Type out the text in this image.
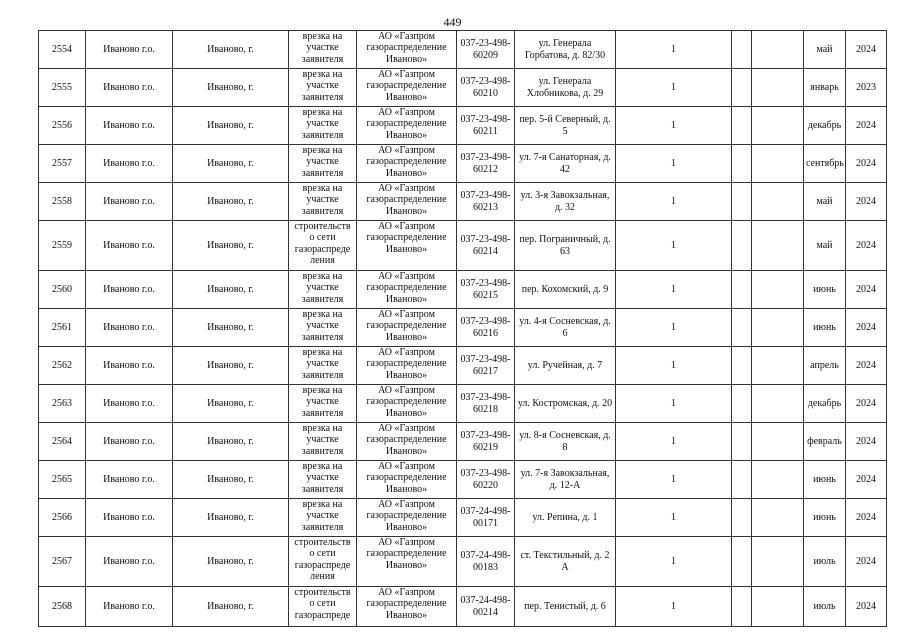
449
2554	Иваново г.о.	Иваново, г.	врезка на участке заявителя	АО «Газпром газораспределение Иваново»	037-23-498-60209	ул. Генерала Горбатова, д. 82/30	1			май	2024
2555	Иваново г.о.	Иваново, г.	врезка на участке заявителя	АО «Газпром газораспределение Иваново»	037-23-498-60210	ул. Генерала Хлобникова, д. 29	1			январь	2023
2556	Иваново г.о.	Иваново, г.	врезка на участке заявителя	АО «Газпром газораспределение Иваново»	037-23-498-60211	пер. 5-й Северный, д. 5	1			декабрь	2024
2557	Иваново г.о.	Иваново, г.	врезка на участке заявителя	АО «Газпром газораспределение Иваново»	037-23-498-60212	ул. 7-я Санаторная, д. 42	1			сентябрь	2024
2558	Иваново г.о.	Иваново, г.	врезка на участке заявителя	АО «Газпром газораспределение Иваново»	037-23-498-60213	ул. 3-я Завокзальная, д. 32	1			май	2024
2559	Иваново г.о.	Иваново, г.	строительств о сети газораспреде ления	АО «Газпром газораспределение Иваново»	037-23-498-60214	пер. Пограничный, д. 63	1			май	2024
2560	Иваново г.о.	Иваново, г.	врезка на участке заявителя	АО «Газпром газораспределение Иваново»	037-23-498-60215	пер. Кохомский, д. 9	1			июнь	2024
2561	Иваново г.о.	Иваново, г.	врезка на участке заявителя	АО «Газпром газораспределение Иваново»	037-23-498-60216	ул. 4-я Сосневская, д. 6	1			июнь	2024
2562	Иваново г.о.	Иваново, г.	врезка на участке заявителя	АО «Газпром газораспределение Иваново»	037-23-498-60217	ул. Ручейная, д. 7	1			апрель	2024
2563	Иваново г.о.	Иваново, г.	врезка на участке заявителя	АО «Газпром газораспределение Иваново»	037-23-498-60218	ул. Костромская, д. 20	1			декабрь	2024
2564	Иваново г.о.	Иваново, г.	врезка на участке заявителя	АО «Газпром газораспределение Иваново»	037-23-498-60219	ул. 8-я Сосневская, д. 8	1			февраль	2024
2565	Иваново г.о.	Иваново, г.	врезка на участке заявителя	АО «Газпром газораспределение Иваново»	037-23-498-60220	ул. 7-я Завокзальная, д. 12-А	1			июнь	2024
2566	Иваново г.о.	Иваново, г.	врезка на участке заявителя	АО «Газпром газораспределение Иваново»	037-24-498-00171	ул. Репина, д. 1	1			июнь	2024
2567	Иваново г.о.	Иваново, г.	строительств о сети газораспреде ления	АО «Газпром газораспределение Иваново»	037-24-498-00183	ст. Текстильный, д. 2 А	1			июль	2024
2568	Иваново г.о.	Иваново, г.	строительств о сети газораспреде	АО «Газпром газораспределение Иваново»	037-24-498-00214	пер. Тенистый, д. 6	1			июль	2024
